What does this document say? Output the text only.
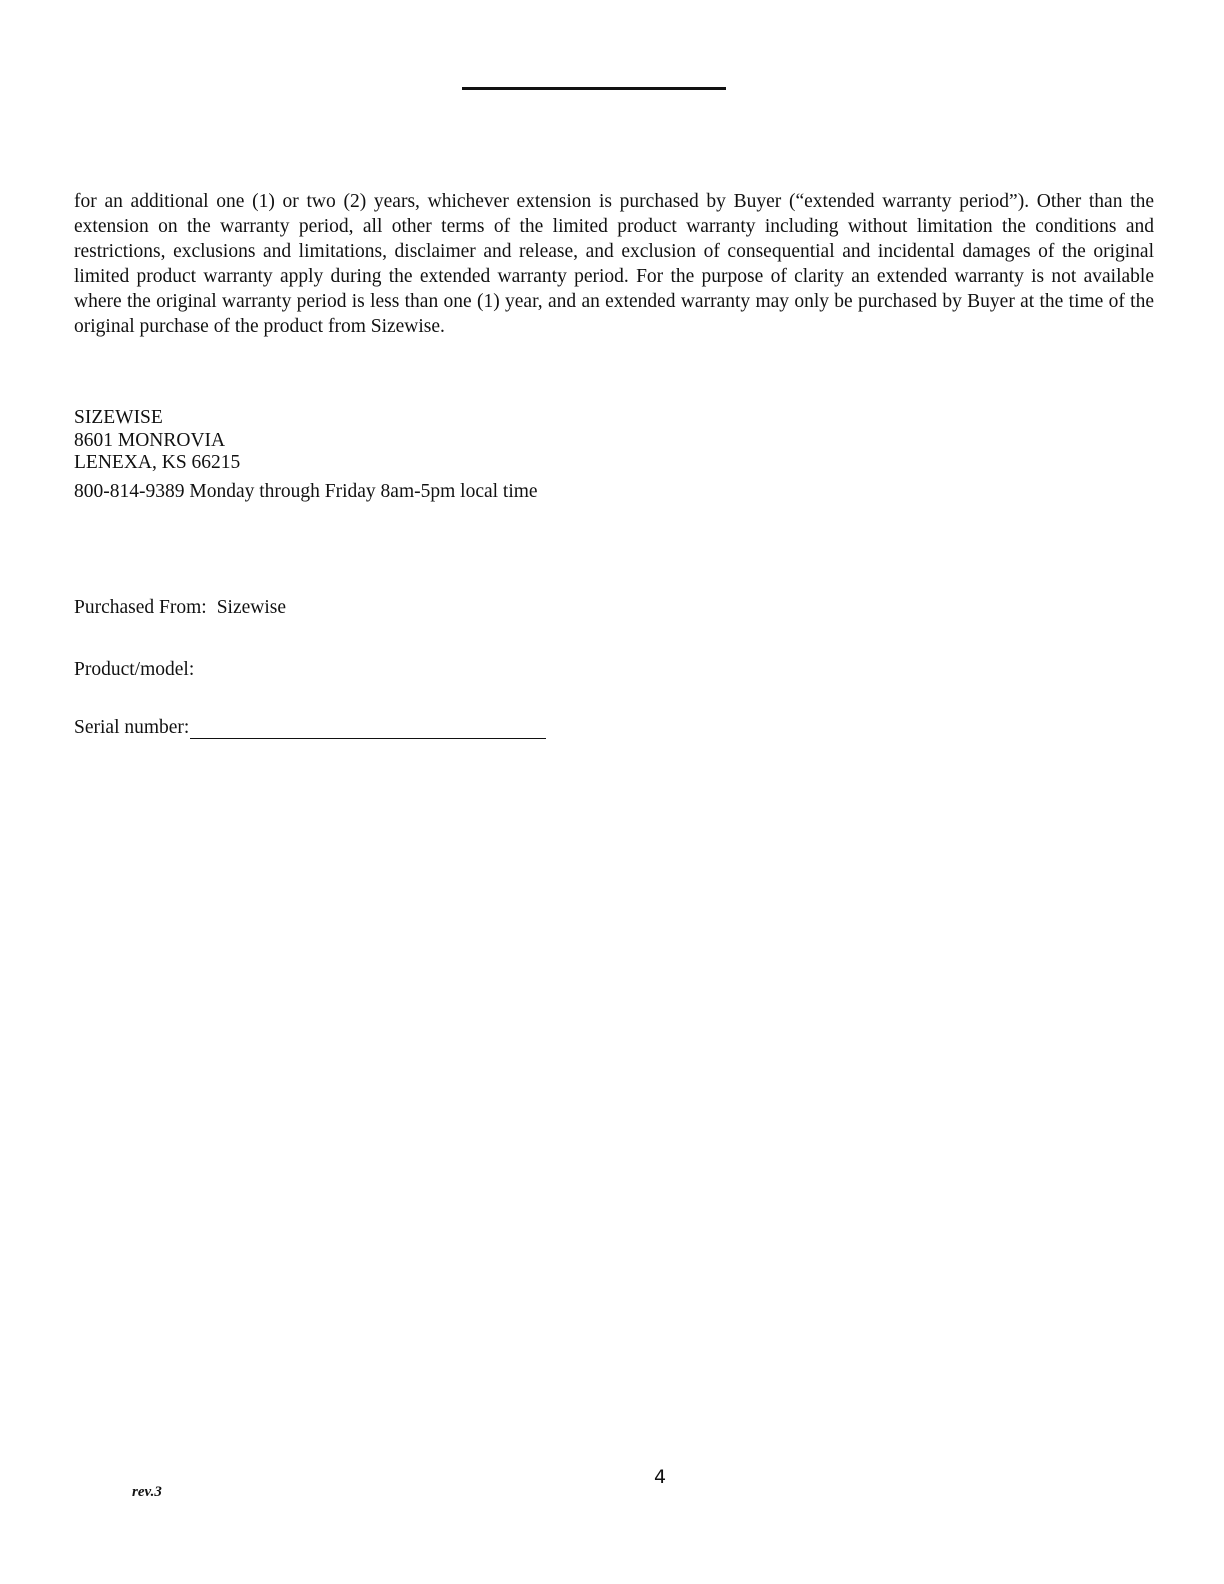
for an additional one (1) or two (2) years, whichever extension is purchased by Buyer (“extended warranty period”). Other than the extension on the warranty period, all other terms of the limited product warranty including without limitation the conditions and restrictions, exclusions and limitations, disclaimer and release, and exclusion of consequential and incidental damages of the original limited product warranty apply during the extended warranty period. For the purpose of clarity an extended warranty is not available where the original warranty period is less than one (1) year, and an extended warranty may only be purchased by Buyer at the time of the original purchase of the product from Sizewise.

SIZEWISE
8601 MONROVIA
LENEXA, KS 66215
800-814-9389 Monday through Friday 8am-5pm local time
Purchased From: Sizewise
Product/model:
Serial number:
4
rev.3
